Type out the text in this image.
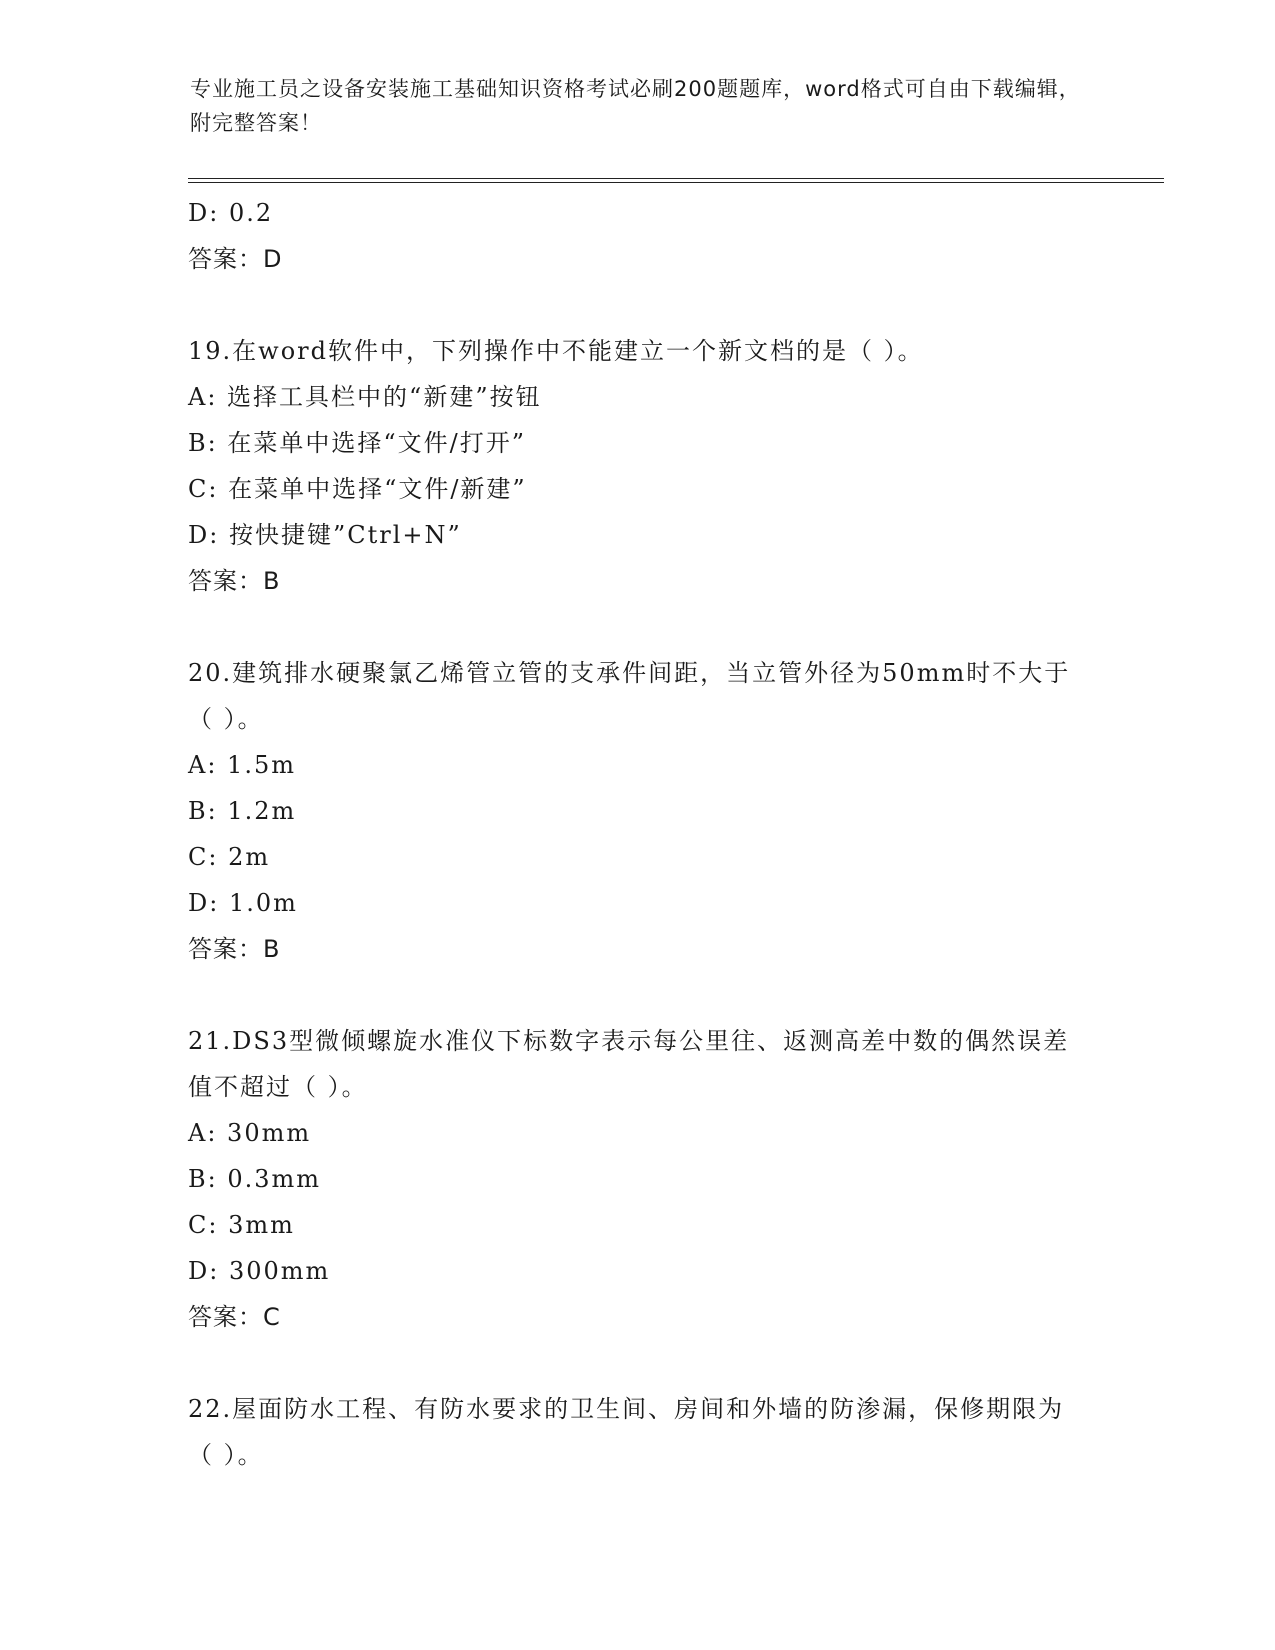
专业施工员之设备安装施工基础知识资格考试必刷200题题库，word格式可自由下载编辑，附完整答案！
D: 0.2
答案：D
19.在word软件中，下列操作中不能建立一个新文档的是（ ）。
A: 选择工具栏中的“新建”按钮
B: 在菜单中选择“文件/打开”
C: 在菜单中选择“文件/新建”
D: 按快捷键”Ctrl+N”
答案：B
20.建筑排水硬聚氯乙烯管立管的支承件间距，当立管外径为50mm时不大于（ ）。
A: 1.5m
B: 1.2m
C: 2m
D: 1.0m
答案：B
21.DS3型微倾螺旋水准仪下标数字表示每公里往、返测高差中数的偶然误差值不超过（ ）。
A: 30mm
B: 0.3mm
C: 3mm
D: 300mm
答案：C
22.屋面防水工程、有防水要求的卫生间、房间和外墙的防渗漏，保修期限为（ ）。
